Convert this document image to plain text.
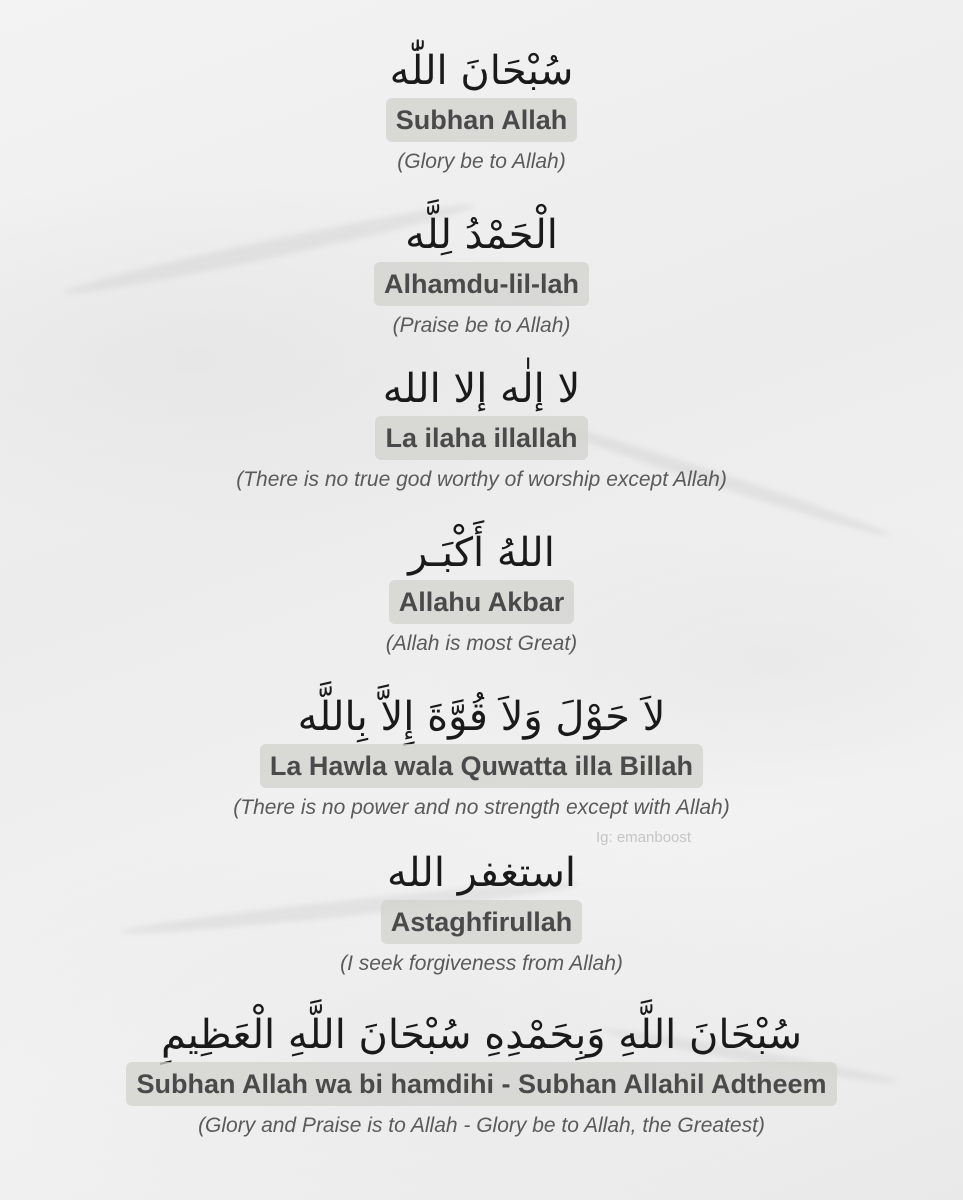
سُبْحَانَ اللّٰه
Subhan Allah
(Glory be to Allah)
الْحَمْدُ لِلَّه
Alhamdu-lil-lah
(Praise be to Allah)
لا إلٰه إلا الله
La ilaha illallah
(There is no true god worthy of worship except Allah)
اللهُ أَكْبَـر
Allahu Akbar
(Allah is most Great)
لاَ حَوْلَ وَلاَ قُوَّةَ إِلاَّ بِاللَّه
La Hawla wala Quwatta illa Billah
(There is no power and no strength except with Allah)
استغفر الله
Astaghfirullah
(I seek forgiveness from Allah)
سُبْحَانَ اللَّهِ وَبِحَمْدِهِ سُبْحَانَ اللَّهِ الْعَظِيمِ
Subhan Allah wa bi hamdihi - Subhan Allahil Adtheem
(Glory and Praise is to Allah - Glory be to Allah, the Greatest)
Ig: emanboost
